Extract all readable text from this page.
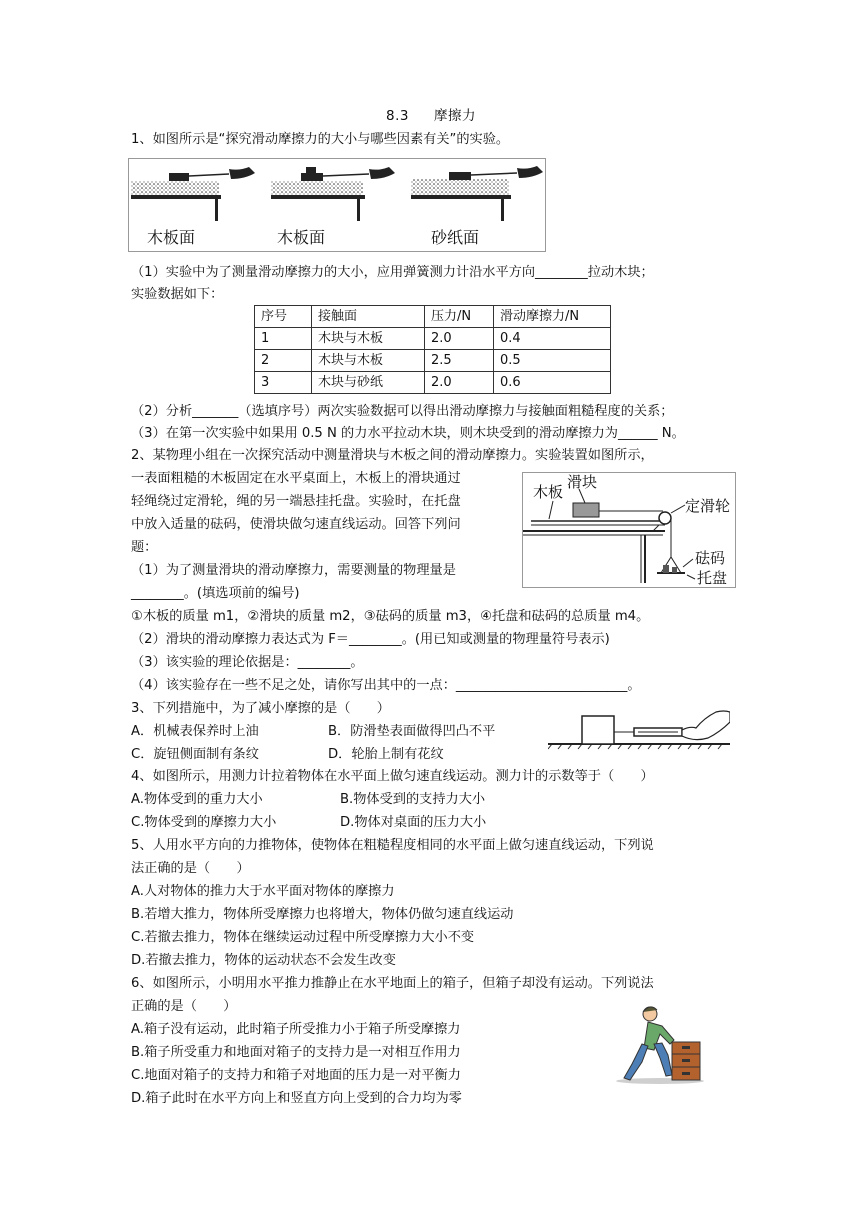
8.3 摩擦力
1、如图所示是“探究滑动摩擦力的大小与哪些因素有关”的实验。
木板面	木板面	砂纸面
（1）实验中为了测量滑动摩擦力的大小，应用弹簧测力计沿水平方向________拉动木块；
实验数据如下：
序号	接触面	压力/N	滑动摩擦力/N
1	木块与木板	2.0	0.4
2	木块与木板	2.5	0.5
3	木块与砂纸	2.0	0.6
（2）分析_______（选填序号）两次实验数据可以得出滑动摩擦力与接触面粗糙程度的关系；
（3）在第一次实验中如果用 0.5 N 的力水平拉动木块，则木块受到的滑动摩擦力为______ N。
2、某物理小组在一次探究活动中测量滑块与木板之间的滑动摩擦力。实验装置如图所示，
一表面粗糙的木板固定在水平桌面上，木板上的滑块通过
轻绳绕过定滑轮，绳的另一端悬挂托盘。实验时，在托盘
中放入适量的砝码，使滑块做匀速直线运动。回答下列问
题：
（1）为了测量滑块的滑动摩擦力，需要测量的物理量是
________。(填选项前的编号)
①木板的质量 m1，②滑块的质量 m2，③砝码的质量 m3，④托盘和砝码的总质量 m4。
（2）滑块的滑动摩擦力表达式为 F＝________。(用已知或测量的物理量符号表示)
（3）该实验的理论依据是：________。
（4）该实验存在一些不足之处，请你写出其中的一点：__________________________。
木板
滑块
定滑轮
砝码
托盘
3、下列措施中，为了减小摩擦的是（　　）
A．机械表保养时上油	B．防滑垫表面做得凹凸不平
C．旋钮侧面制有条纹	D．轮胎上制有花纹
4、如图所示，用测力计拉着物体在水平面上做匀速直线运动。测力计的示数等于（　　）
A.物体受到的重力大小	B.物体受到的支持力大小
C.物体受到的摩擦力大小	D.物体对桌面的压力大小
5、人用水平方向的力推物体，使物体在粗糙程度相同的水平面上做匀速直线运动，下列说
法正确的是（　　）
A.人对物体的推力大于水平面对物体的摩擦力
B.若增大推力，物体所受摩擦力也将增大，物体仍做匀速直线运动
C.若撤去推力，物体在继续运动过程中所受摩擦力大小不变
D.若撤去推力，物体的运动状态不会发生改变
6、如图所示，小明用水平推力推静止在水平地面上的箱子，但箱子却没有运动。下列说法
正确的是（　　）
A.箱子没有运动，此时箱子所受推力小于箱子所受摩擦力
B.箱子所受重力和地面对箱子的支持力是一对相互作用力
C.地面对箱子的支持力和箱子对地面的压力是一对平衡力
D.箱子此时在水平方向上和竖直方向上受到的合力均为零
